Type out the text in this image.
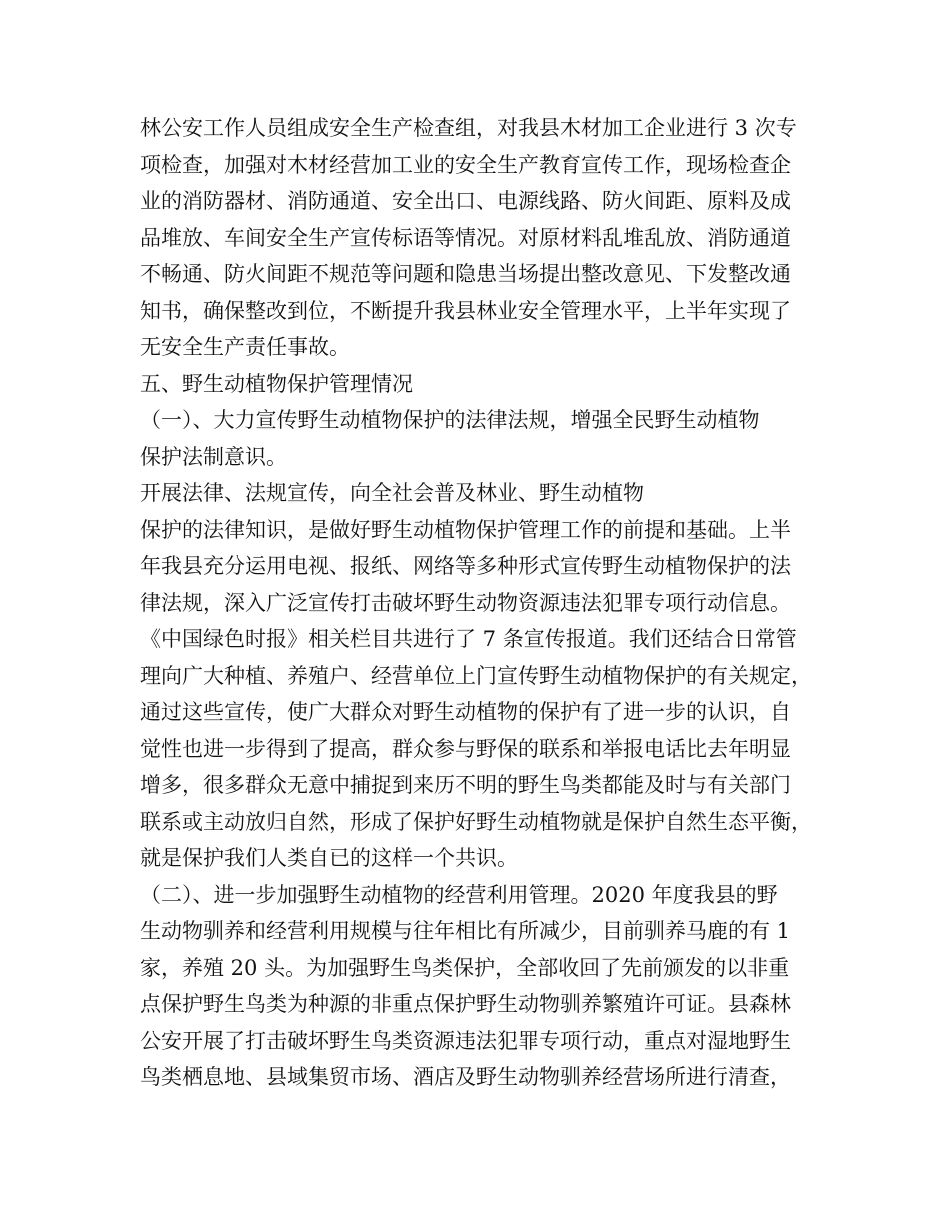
林公安工作人员组成安全生产检查组，对我县木材加工企业进行 3 次专
项检查，加强对木材经营加工业的安全生产教育宣传工作，现场检查企
业的消防器材、消防通道、安全出口、电源线路、防火间距、原料及成
品堆放、车间安全生产宣传标语等情况。对原材料乱堆乱放、消防通道
不畅通、防火间距不规范等问题和隐患当场提出整改意见、下发整改通
知书，确保整改到位，不断提升我县林业安全管理水平，上半年实现了
无安全生产责任事故。
五、野生动植物保护管理情况
（一）、大力宣传野生动植物保护的法律法规，增强全民野生动植物
保护法制意识。
开展法律、法规宣传，向全社会普及林业、野生动植物
保护的法律知识，是做好野生动植物保护管理工作的前提和基础。上半
年我县充分运用电视、报纸、网络等多种形式宣传野生动植物保护的法
律法规，深入广泛宣传打击破坏野生动物资源违法犯罪专项行动信息。
《中国绿色时报》相关栏目共进行了 7 条宣传报道。我们还结合日常管
理向广大种植、养殖户、经营单位上门宣传野生动植物保护的有关规定，
通过这些宣传，使广大群众对野生动植物的保护有了进一步的认识，自
觉性也进一步得到了提高，群众参与野保的联系和举报电话比去年明显
增多，很多群众无意中捕捉到来历不明的野生鸟类都能及时与有关部门
联系或主动放归自然，形成了保护好野生动植物就是保护自然生态平衡，
就是保护我们人类自已的这样一个共识。
（二）、进一步加强野生动植物的经营利用管理。2020 年度我县的野
生动物驯养和经营利用规模与往年相比有所减少，目前驯养马鹿的有 1
家，养殖 20 头。为加强野生鸟类保护，全部收回了先前颁发的以非重
点保护野生鸟类为种源的非重点保护野生动物驯养繁殖许可证。县森林
公安开展了打击破坏野生鸟类资源违法犯罪专项行动，重点对湿地野生
鸟类栖息地、县域集贸市场、酒店及野生动物驯养经营场所进行清查，
